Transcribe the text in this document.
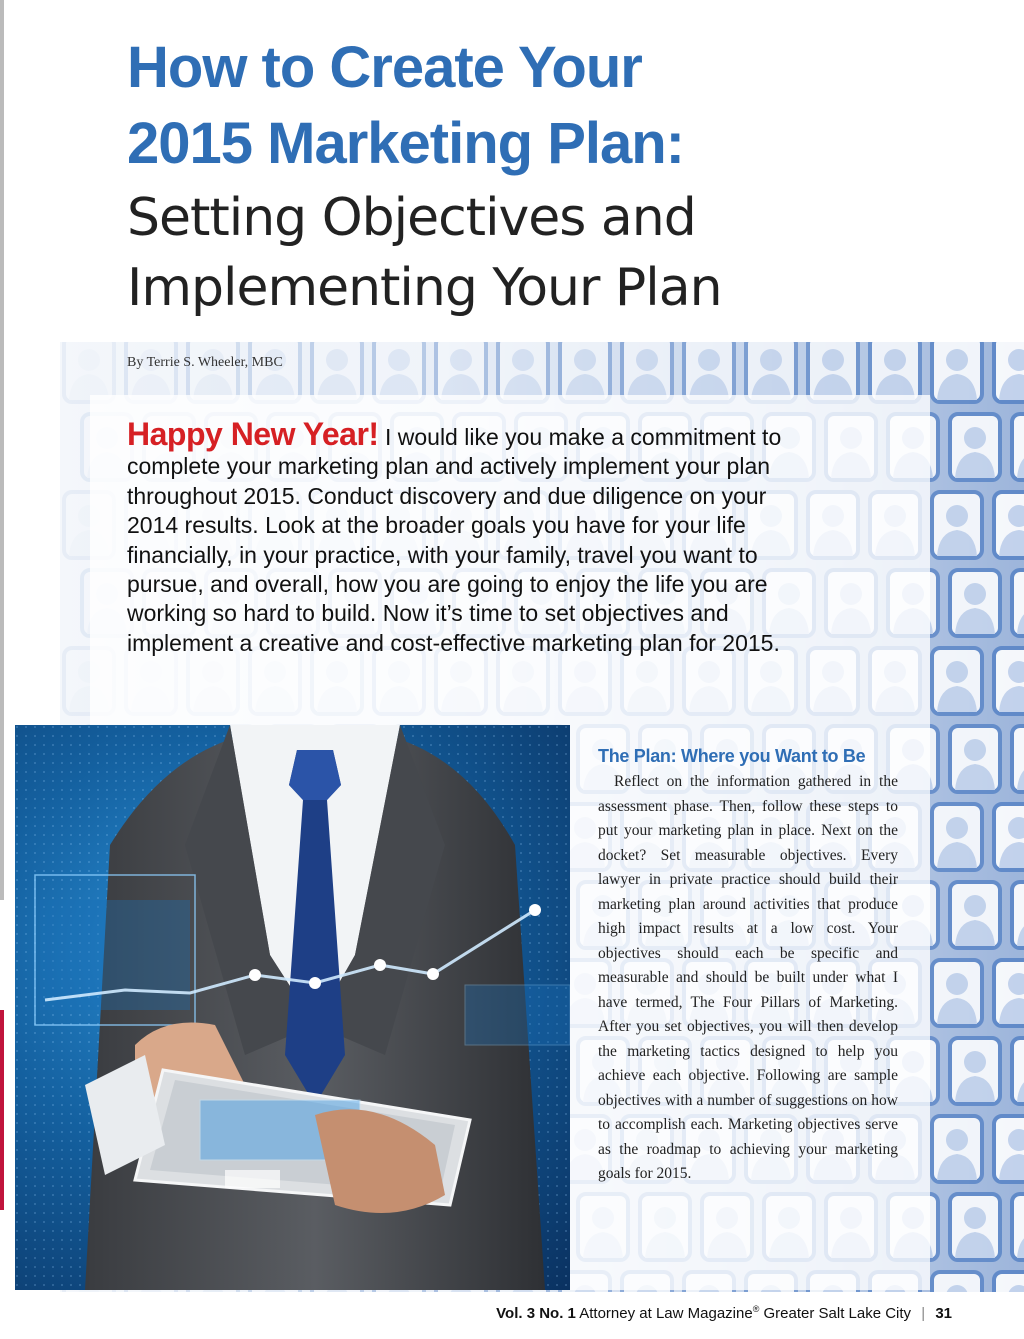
How to Create Your
2015 Marketing Plan:
Setting Objectives and
Implementing Your Plan
By Terrie S. Wheeler, MBC

Happy New Year! I would like you make a commitment to complete your marketing plan and actively implement your plan throughout 2015. Conduct discovery and due diligence on your 2014 results. Look at the broader goals you have for your life financially, in your practice, with your family, travel you want to pursue, and overall, how you are going to enjoy the life you are working so hard to build. Now it’s time to set objectives and implement a creative and cost-effective marketing plan for 2015.

The Plan: Where you Want to Be

Reflect on the information gathered in the assessment phase. Then, follow these steps to put your marketing plan in place. Next on the docket? Set measurable objectives. Every lawyer in private practice should build their marketing plan around activities that produce high impact results at a low cost. Your objectives should each be specific and measurable and should be built under what I have termed, The Four Pillars of Marketing. After you set objectives, you will then develop the marketing tactics designed to help you achieve each objective. Following are sample objectives with a number of suggestions on how to accomplish each. Marketing objectives serve as the roadmap to achieving your marketing goals for 2015.

Vol. 3 No. 1 Attorney at Law Magazine® Greater Salt Lake City | 31
